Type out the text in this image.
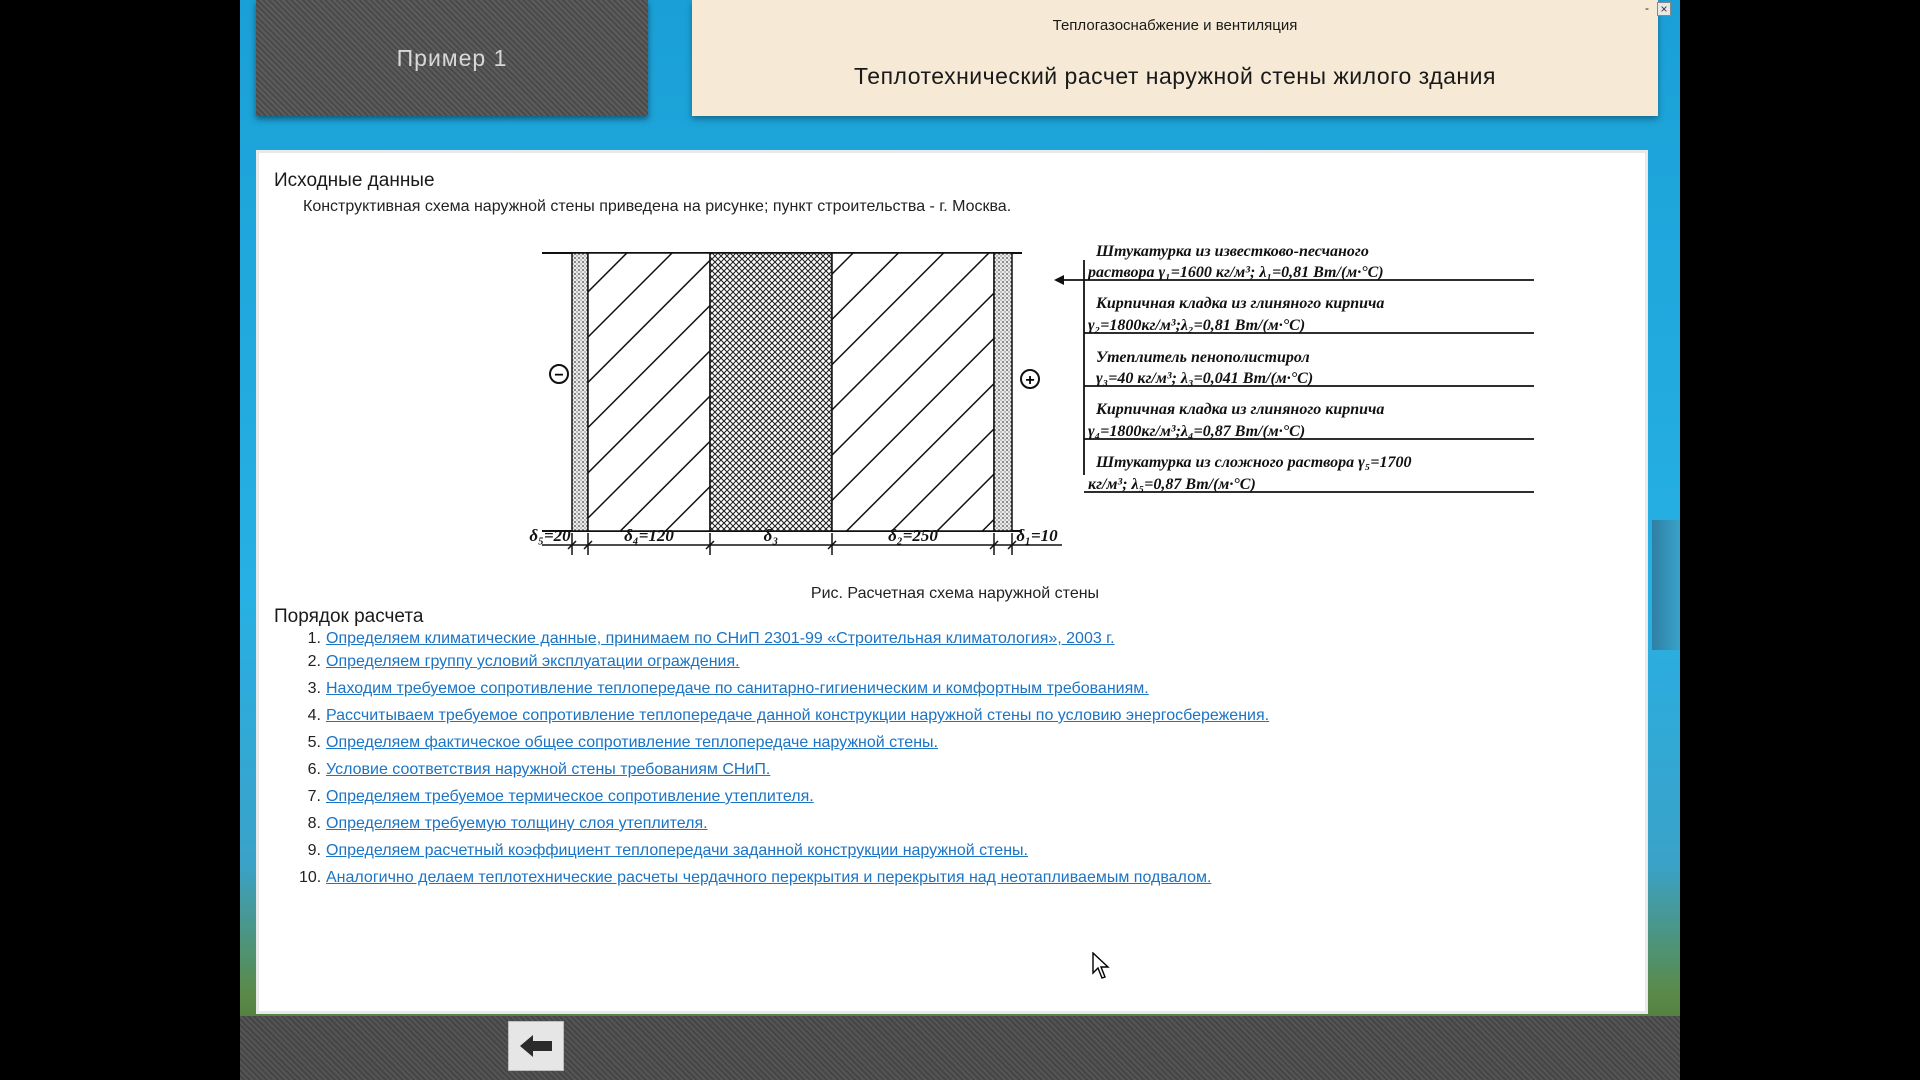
Пример 1
Теплогазоснабжение и вентиляция
Теплотехнический расчет наружной стены жилого здания
- ×
Исходные данные
Конструктивная схема наружной стены приведена на рисунке; пункт строительства - г. Москва.
−	+
δ₅=20	δ₄=120	δ₃	δ₂=250	δ₁=10
Штукатурка из известково-песчаного
раствора γ₁=1600 кг/м³; λ₁=0,81 Вт/(м·°С)
Кирпичная кладка из глиняного кирпича
γ₂=1800кг/м³;λ₂=0,81 Вт/(м·°С)
Утеплитель пенополистирол
γ₃=40 кг/м³; λ₃=0,041 Вт/(м·°С)
Кирпичная кладка из глиняного кирпича
γ₄=1800кг/м³;λ₄=0,87 Вт/(м·°С)
Штукатурка из сложного раствора γ₅=1700
кг/м³; λ₅=0,87 Вт/(м·°С)
Рис. Расчетная схема наружной стены
Порядок расчета
1. Определяем климатические данные, принимаем по СНиП 2301-99 «Строительная климатология», 2003 г.
2. Определяем группу условий эксплуатации ограждения.
3. Находим требуемое сопротивление теплопередаче по санитарно-гигиеническим и комфортным требованиям.
4. Рассчитываем требуемое сопротивление теплопередаче данной конструкции наружной стены по условию энергосбережения.
5. Определяем фактическое общее сопротивление теплопередаче наружной стены.
6. Условие соответствия наружной стены требованиям СНиП.
7. Определяем требуемое термическое сопротивление утеплителя.
8. Определяем требуемую толщину слоя утеплителя.
9. Определяем расчетный коэффициент теплопередачи заданной конструкции наружной стены.
10. Аналогично делаем теплотехнические расчеты чердачного перекрытия и перекрытия над неотапливаемым подвалом.
